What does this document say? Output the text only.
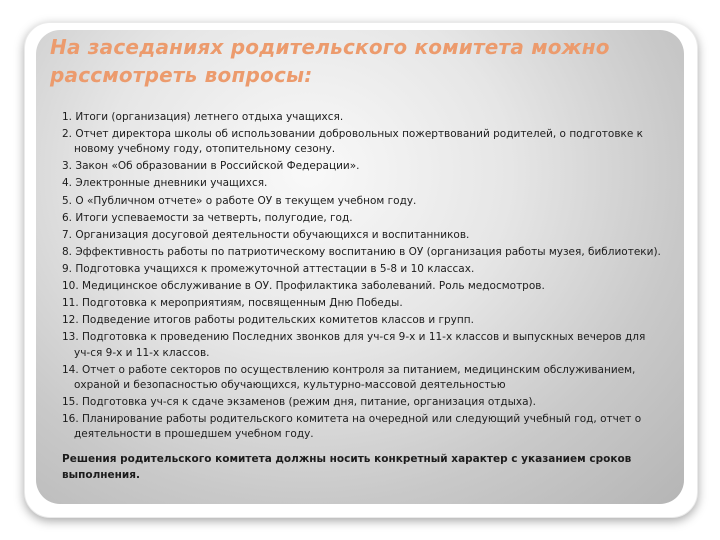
На заседаниях родительского комитета можно рассмотреть вопросы:
1. Итоги (организация) летнего отдыха учащихся.
2. Отчет директора школы об использовании добровольных пожертвований родителей, о подготовке к новому учебному году, отопительному сезону.
3. Закон «Об образовании в Российской Федерации».
4. Электронные дневники учащихся.
5. О «Публичном отчете» о работе ОУ в текущем учебном году.
6. Итоги успеваемости за четверть, полугодие, год.
7. Организация досуговой деятельности обучающихся и воспитанников.
8. Эффективность работы по патриотическому воспитанию в ОУ (организация работы музея, библиотеки).
9. Подготовка учащихся к промежуточной аттестации в 5-8 и 10 классах.
10. Медицинское обслуживание в ОУ. Профилактика заболеваний. Роль медосмотров.
11. Подготовка к мероприятиям, посвященным Дню Победы.
12. Подведение итогов работы родительских комитетов классов и групп.
13. Подготовка к проведению Последних звонков для уч-ся 9-х и 11-х классов и выпускных вечеров для уч-ся 9-х и 11-х классов.
14. Отчет о работе секторов по осуществлению контроля за питанием, медицинским обслуживанием, охраной и безопасностью обучающихся, культурно-массовой деятельностью
15. Подготовка уч-ся к сдаче экзаменов (режим дня, питание, организация отдыха).
16. Планирование работы родительского комитета на очередной или следующий учебный год, отчет о деятельности в прошедшем учебном году.
Решения родительского комитета должны носить конкретный характер с указанием сроков выполнения.
